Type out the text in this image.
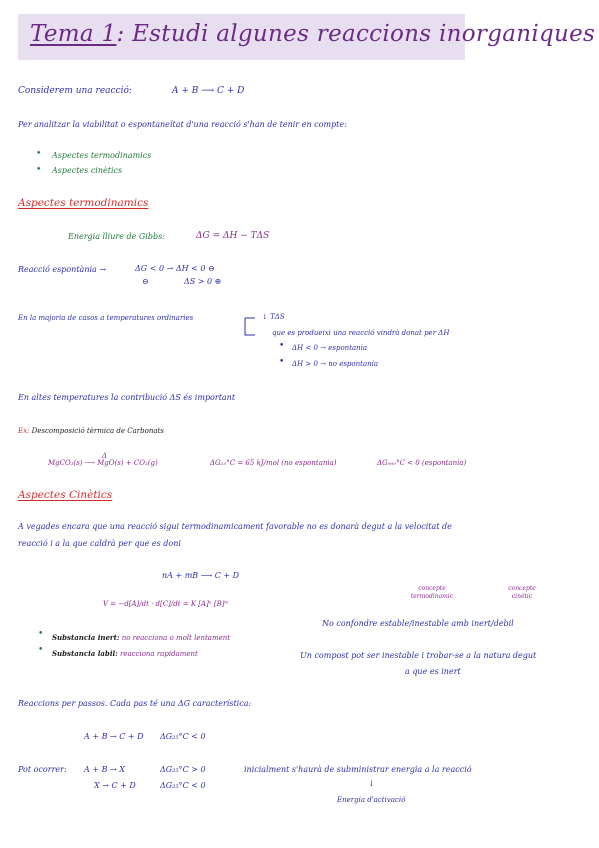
Tema 1: Estudi algunes reaccions inorganiques
Considerem una reacció:	A + B ⟶ C + D
Per analitzar la viabilitat o espontaneïtat d'una reacció s'han de tenir en compte:
• Aspectes termodinamics
• Aspectes cinètics
Aspectes termodinamics
Energia lliure de Gibbs:	ΔG = ΔH − TΔS
Reacció espontània →	ΔG < 0 → ΔH < 0 ⊖
⊖	ΔS > 0 ⊕
En la majoria de casos a temperatures ordinaries	↓ TΔS
que es produeixi una reacció vindrà donat per ΔH
• ΔH < 0 → espontania
• ΔH > 0 → no espontania
En altes temperatures la contribució ΔS és important
Ex: Descomposició tèrmica de Carbonats
Δ
MgCO₃(s) ⟶ MgO(s) + CO₂(g)	ΔG₂₅°C = 65 kJ/mol (no espontania)	ΔG₉₀₀°C < 0 (espontania)
Aspectes Cinètics
A vegades encara que una reacció sigui termodinamicament favorable no es donarà degut a la velocitat de
reacció i a la que caldrà per que es doni
nA + mB ⟶ C + D
V = −d[A]/dt · d[C]/dt = K [A]ⁿ [B]ᵐ
concepte termodinamic
concepte cinètic
No confondre estable/inestable amb inert/debil
• Substancia inert: no reacciona o molt lentament
• Substancia labil: reacciona rapidament	Un compost pot ser inestable i trobar-se a la natura degut
a que es inert
Reaccions per passos. Cada pas té una ΔG característica:
A + B → C + D ΔG₂₅°C < 0
Pot ocorrer: A + B → X	ΔG₂₅°C > 0
X → C + D	ΔG₂₅°C < 0
inicialment s'haurà de subministrar energia a la reacció
↓
Energia d'activació
